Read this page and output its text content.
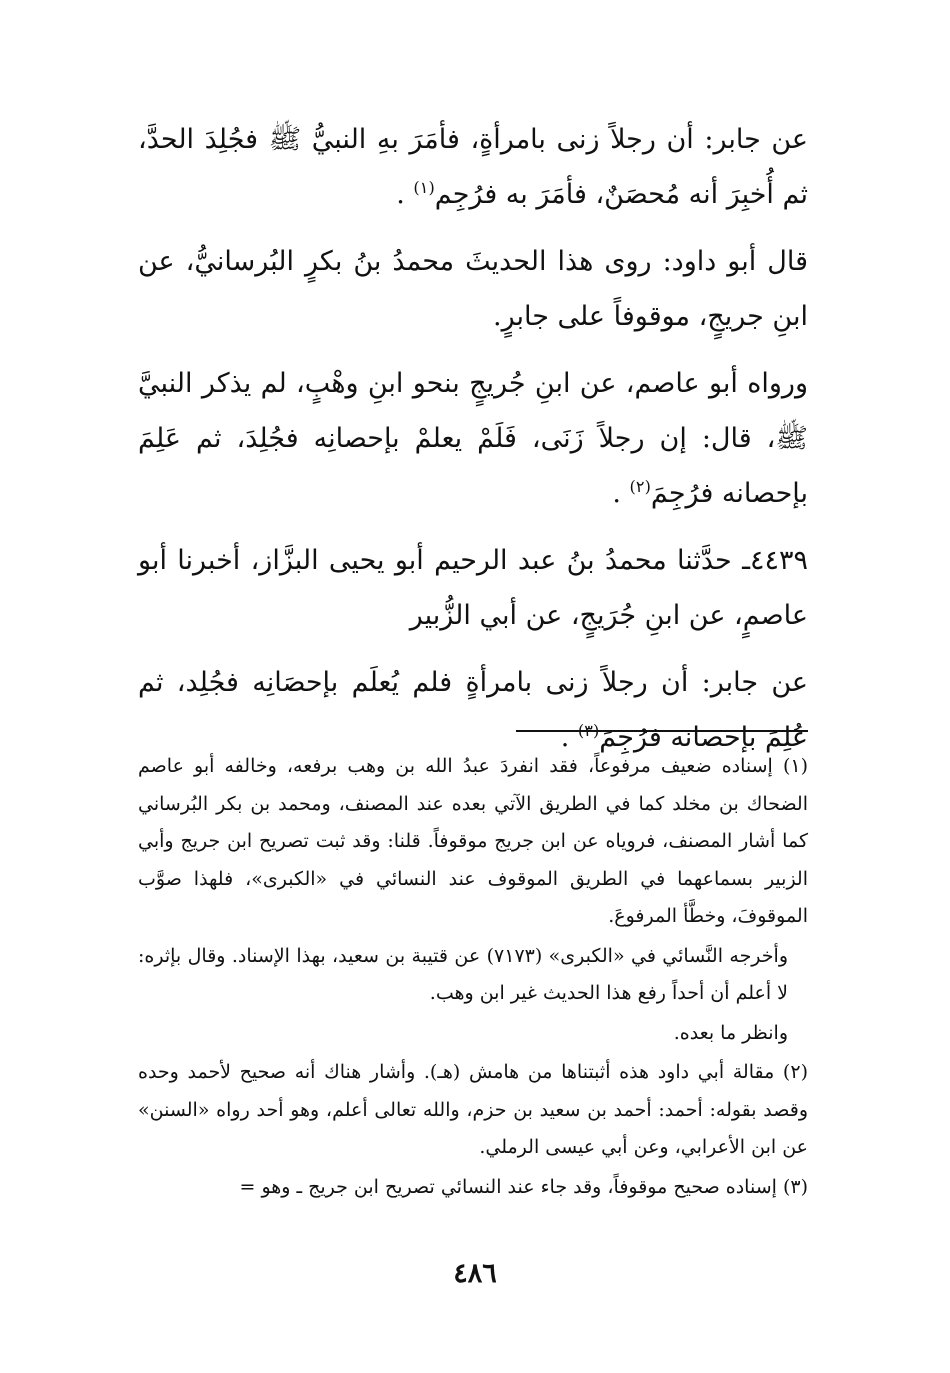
عن جابر: أن رجلاً زنى بامرأةٍ، فأمَرَ بهِ النبيُّ ﷺ فجُلِدَ الحدَّ، ثم أُخبِرَ أنه مُحصَنٌ، فأمَرَ به فرُجِم$^{(١)}$ .

قال أبو داود: روى هذا الحديثَ محمدُ بنُ بكرٍ البُرسانيُّ، عن ابنِ جريجٍ، موقوفاً على جابرٍ.

ورواه أبو عاصم، عن ابنِ جُريجٍ بنحو ابنِ وهْبٍ، لم يذكر النبيَّ ﷺ، قال: إن رجلاً زَنَى، فَلَمْ يعلمْ بإحصانِه فجُلِدَ، ثم عَلِمَ بإحصانه فرُجِمَ$^{(٢)}$ .

٤٤٣٩ـ حدَّثنا محمدُ بنُ عبد الرحيم أبو يحيى البزَّاز، أخبرنا أبو عاصمٍ، عن ابنِ جُرَيجٍ، عن أبي الزُّبير

عن جابر: أن رجلاً زنى بامرأةٍ فلم يُعلَم بإحصَانِه فجُلِد، ثم عُلِمَ بإحصانه فرُجِمَ$^{(٣)}$ .

(١) إسناده ضعيف مرفوعاً، فقد انفردَ عبدُ الله بن وهب برفعه، وخالفه أبو عاصم الضحاك بن مخلد كما في الطريق الآتي بعده عند المصنف، ومحمد بن بكر البُرساني كما أشار المصنف، فروياه عن ابن جريج موقوفاً. قلنا: وقد ثبت تصريح ابن جريج وأبي الزبير بسماعهما في الطريق الموقوف عند النسائي في «الكبرى»، فلهذا صوَّب الموقوفَ، وخطَّأ المرفوعَ.

وأخرجه النَّسائي في «الكبرى» (٧١٧٣) عن قتيبة بن سعيد، بهذا الإسناد. وقال بإثره: لا أعلم أن أحداً رفع هذا الحديث غير ابن وهب.

وانظر ما بعده.

(٢) مقالة أبي داود هذه أثبتناها من هامش (هـ). وأشار هناك أنه صحيح لأحمد وحده وقصد بقوله: أحمد: أحمد بن سعيد بن حزم، والله تعالى أعلم، وهو أحد رواه «السنن» عن ابن الأعرابي، وعن أبي عيسى الرملي.

(٣) إسناده صحيح موقوفاً، وقد جاء عند النسائي تصريح ابن جريج ـ وهو =

٤٨٦
